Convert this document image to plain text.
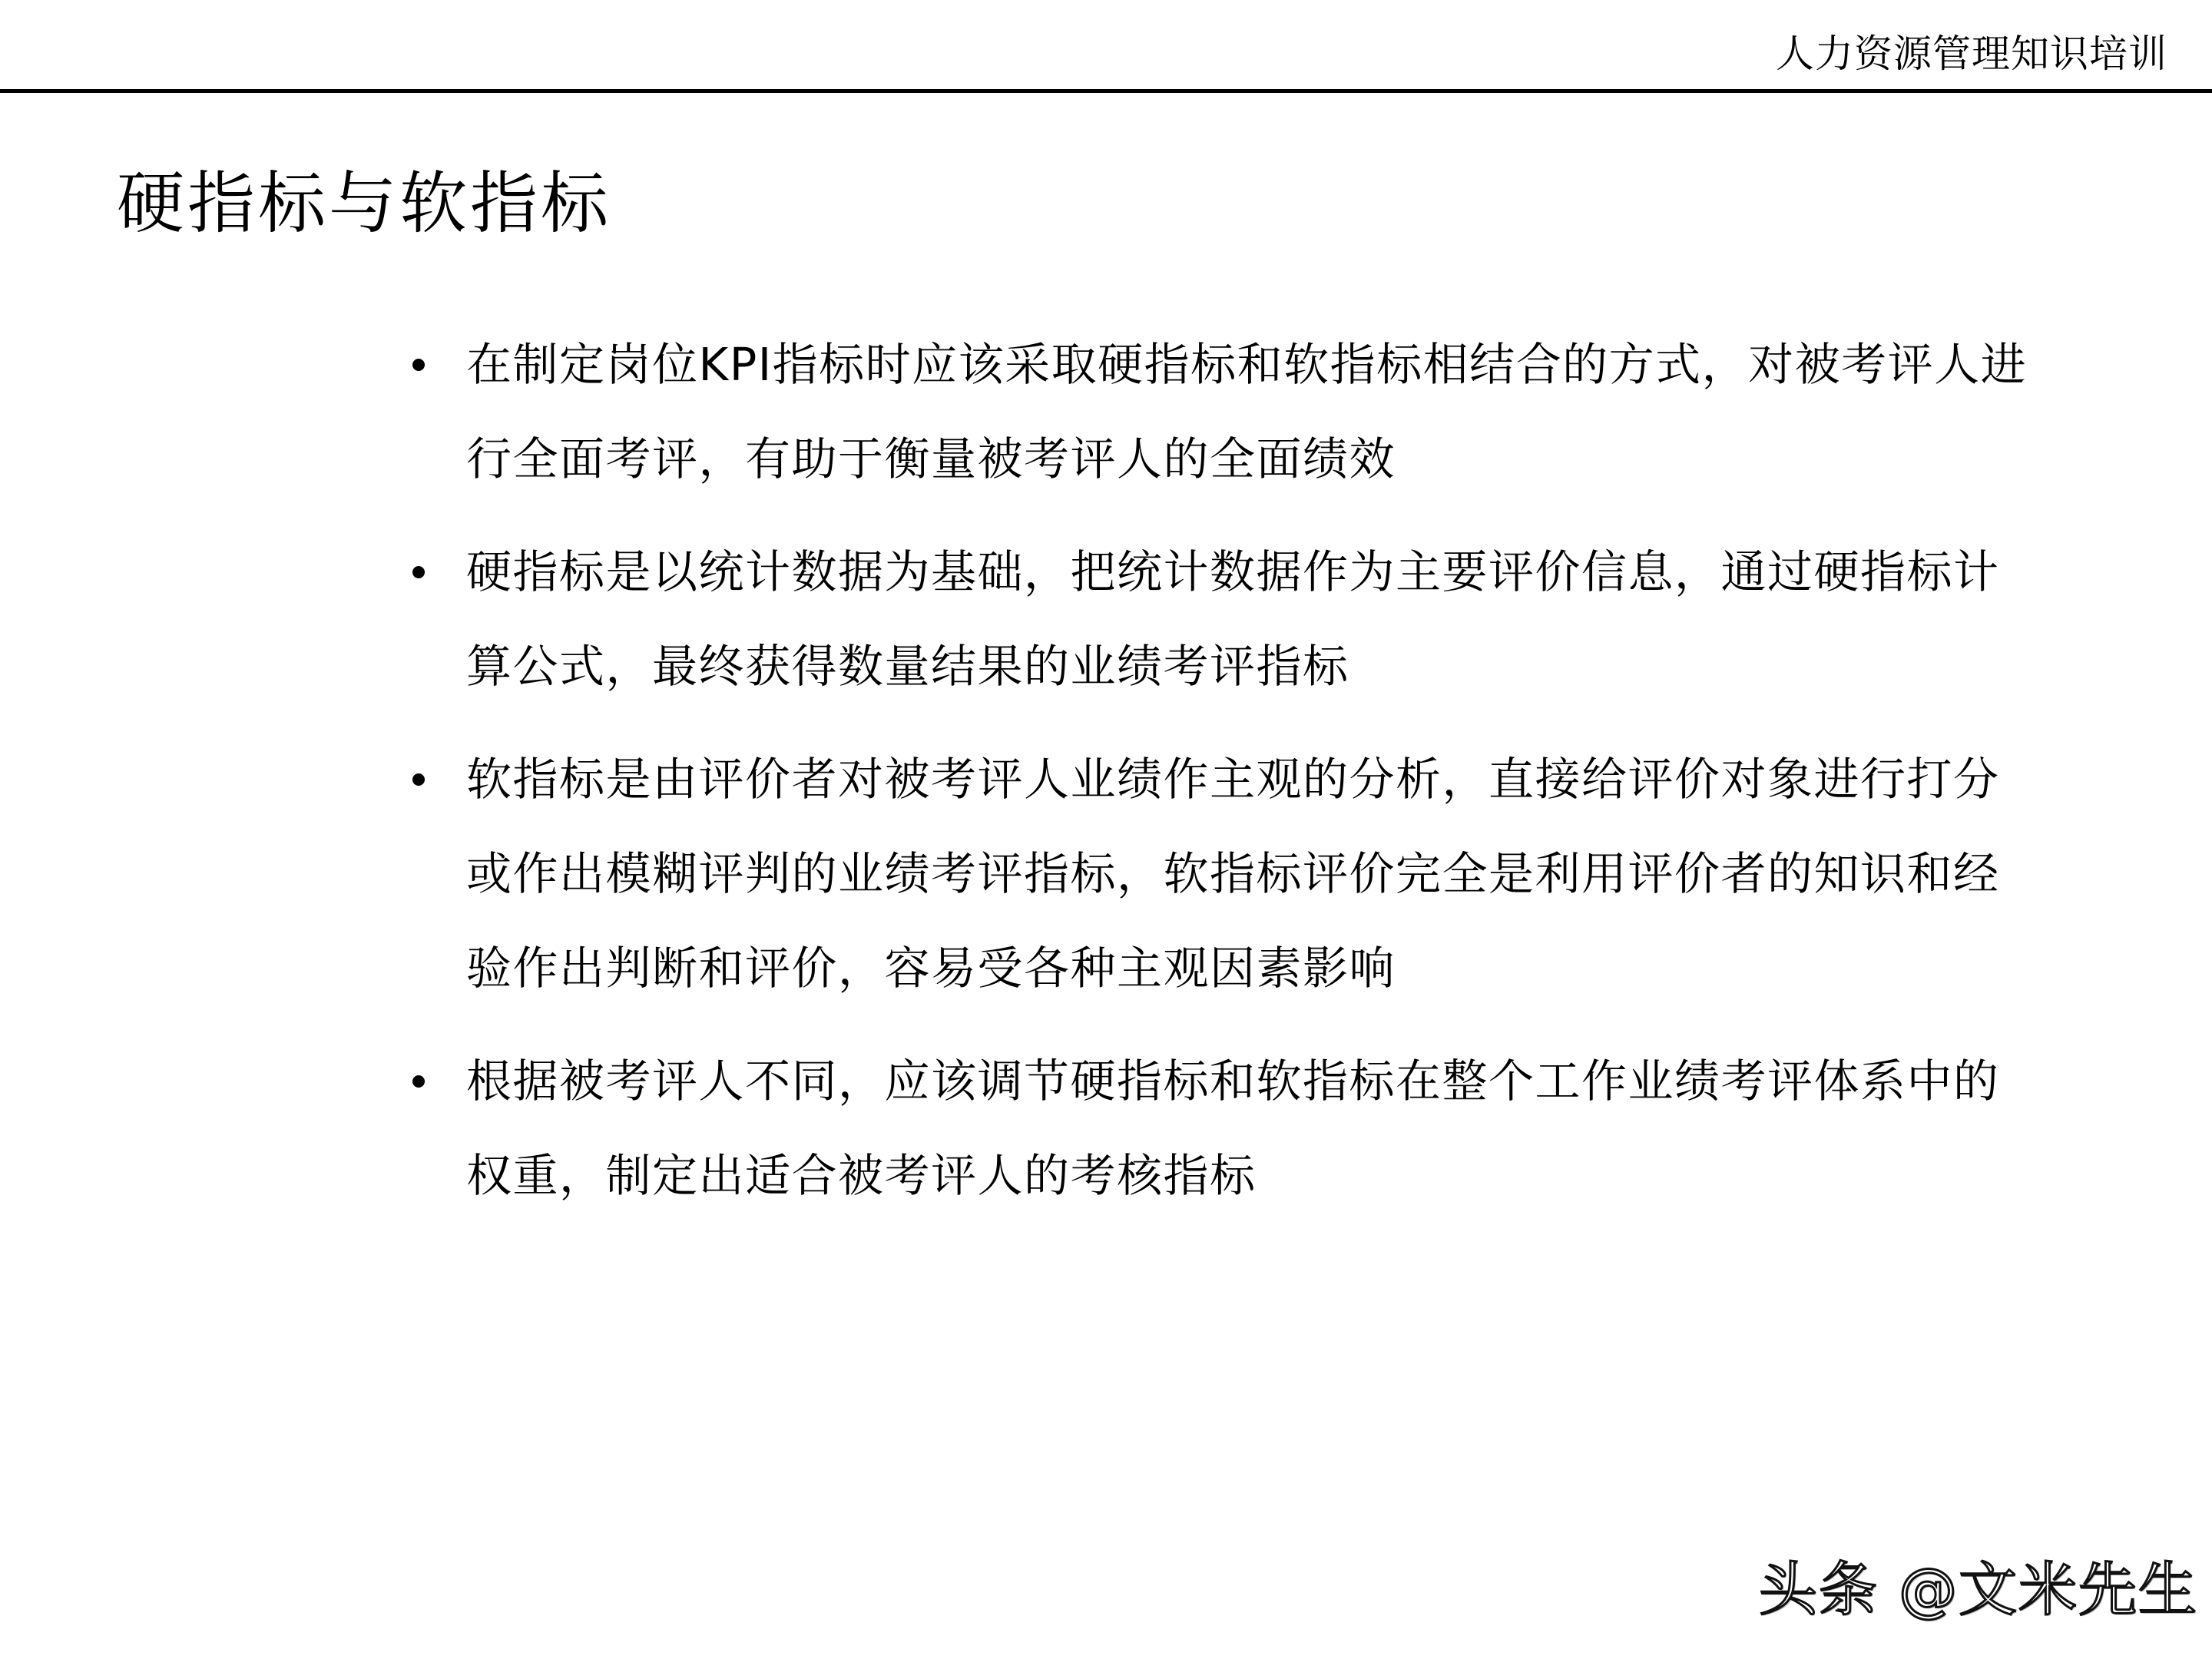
人力资源管理知识培训
硬指标与软指标
在制定岗位KPI指标时应该采取硬指标和软指标相结合的方式，对被考评人进行全面考评，有助于衡量被考评人的全面绩效
硬指标是以统计数据为基础，把统计数据作为主要评价信息，通过硬指标计算公式，最终获得数量结果的业绩考评指标
软指标是由评价者对被考评人业绩作主观的分析，直接给评价对象进行打分或作出模糊评判的业绩考评指标，软指标评价完全是利用评价者的知识和经验作出判断和评价，容易受各种主观因素影响
根据被考评人不同，应该调节硬指标和软指标在整个工作业绩考评体系中的权重，制定出适合被考评人的考核指标
头条 @文米先生
